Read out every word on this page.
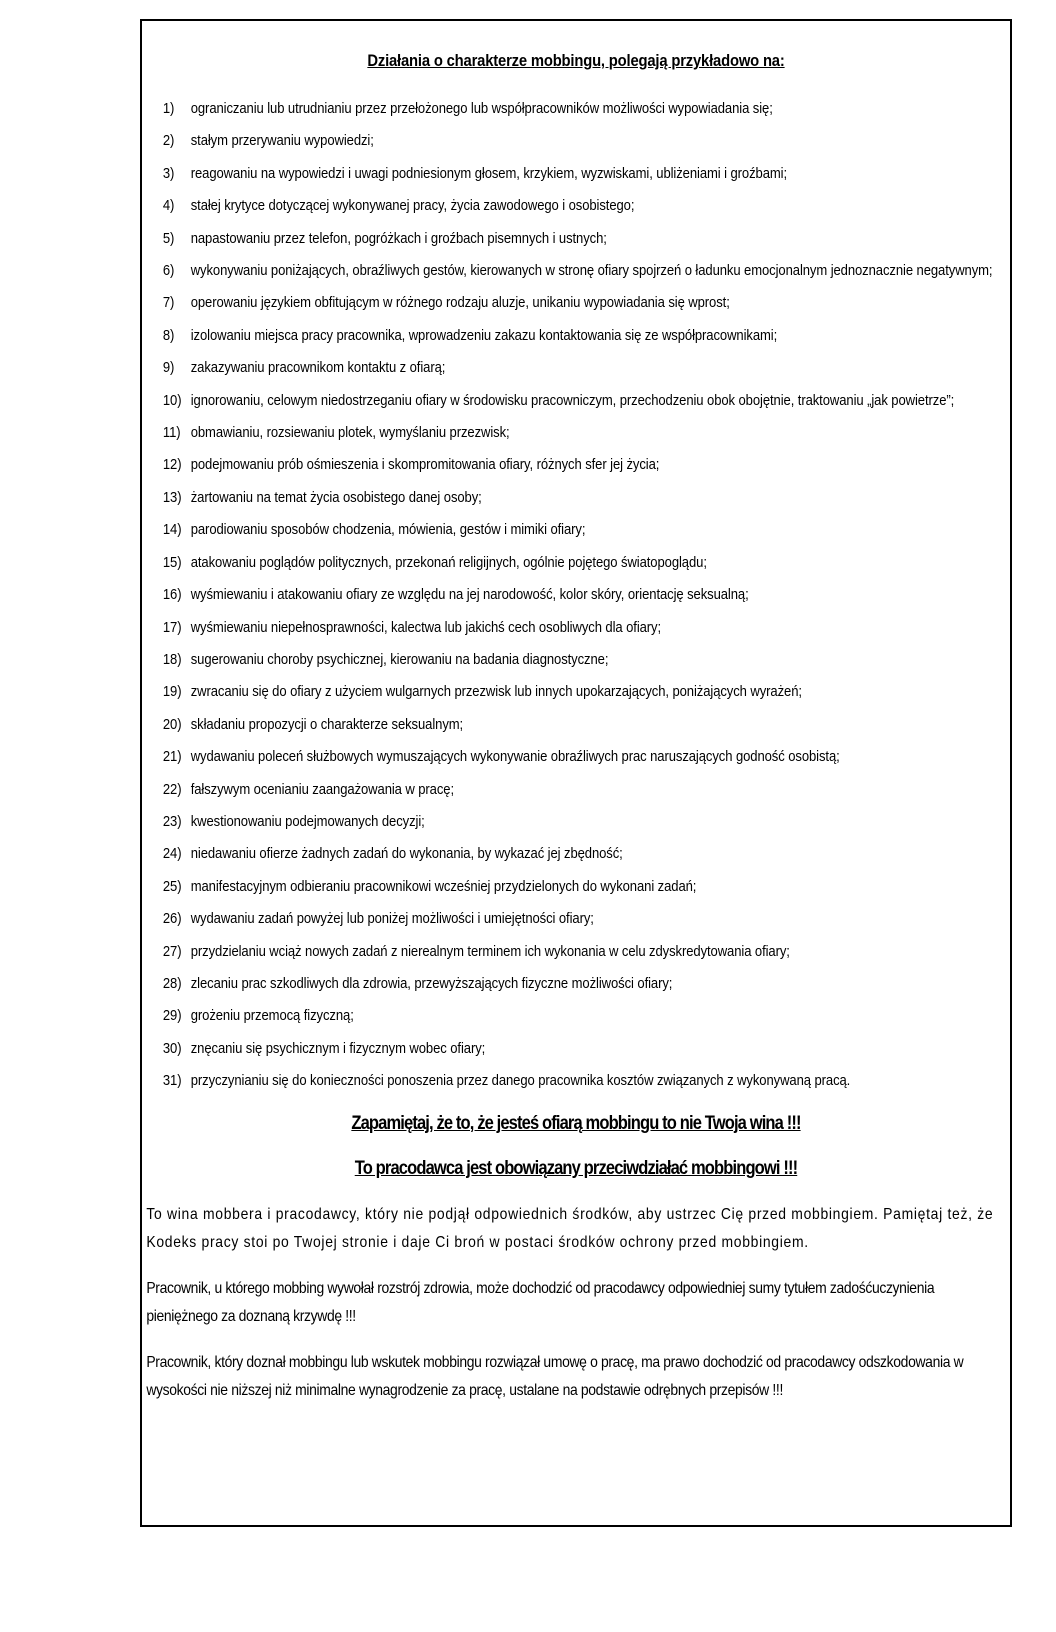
Działania o charakterze mobbingu, polegają przykładowo na:
1)	ograniczaniu lub utrudnianiu przez przełożonego lub współpracowników możliwości wypowiadania się;
2)	stałym przerywaniu wypowiedzi;
3)	reagowaniu na wypowiedzi i uwagi podniesionym głosem, krzykiem, wyzwiskami, ubliżeniami i groźbami;
4)	stałej krytyce dotyczącej wykonywanej pracy, życia zawodowego i osobistego;
5)	napastowaniu przez telefon, pogróżkach i groźbach pisemnych i ustnych;
6)	wykonywaniu poniżających, obraźliwych gestów, kierowanych w stronę ofiary spojrzeń o ładunku emocjonalnym jednoznacznie negatywnym;
7)	operowaniu językiem obfitującym w różnego rodzaju aluzje, unikaniu wypowiadania się wprost;
8)	izolowaniu miejsca pracy pracownika, wprowadzeniu zakazu kontaktowania się ze współpracownikami;
9)	zakazywaniu pracownikom kontaktu z ofiarą;
10) ignorowaniu, celowym niedostrzeganiu ofiary w środowisku pracowniczym, przechodzeniu obok obojętnie, traktowaniu „jak powietrze”;
11) obmawianiu, rozsiewaniu plotek, wymyślaniu przezwisk;
12) podejmowaniu prób ośmieszenia i skompromitowania ofiary, różnych sfer jej życia;
13) żartowaniu na temat życia osobistego danej osoby;
14) parodiowaniu sposobów chodzenia, mówienia, gestów i mimiki ofiary;
15) atakowaniu poglądów politycznych, przekonań religijnych, ogólnie pojętego światopoglądu;
16) wyśmiewaniu i atakowaniu ofiary ze względu na jej narodowość, kolor skóry, orientację seksualną;
17) wyśmiewaniu niepełnosprawności, kalectwa lub jakichś cech osobliwych dla ofiary;
18) sugerowaniu choroby psychicznej, kierowaniu na badania diagnostyczne;
19) zwracaniu się do ofiary z użyciem wulgarnych przezwisk lub innych upokarzających, poniżających wyrażeń;
20) składaniu propozycji o charakterze seksualnym;
21) wydawaniu poleceń służbowych wymuszających wykonywanie obraźliwych prac naruszających godność osobistą;
22) fałszywym ocenianiu zaangażowania w pracę;
23) kwestionowaniu podejmowanych decyzji;
24) niedawaniu ofierze żadnych zadań do wykonania, by wykazać jej zbędność;
25) manifestacyjnym odbieraniu pracownikowi wcześniej przydzielonych do wykonani zadań;
26) wydawaniu zadań powyżej lub poniżej możliwości i umiejętności ofiary;
27) przydzielaniu wciąż nowych zadań z nierealnym terminem ich wykonania w celu zdyskredytowania ofiary;
28) zlecaniu prac szkodliwych dla zdrowia, przewyższających fizyczne możliwości ofiary;
29) grożeniu przemocą fizyczną;
30) znęcaniu się psychicznym i fizycznym wobec ofiary;
31) przyczynianiu się do konieczności ponoszenia przez danego pracownika kosztów związanych z wykonywaną pracą.
Zapamiętaj, że to, że jesteś ofiarą mobbingu to nie Twoja wina !!!
To pracodawca jest obowiązany przeciwdziałać mobbingowi !!!

To wina mobbera i pracodawcy, który nie podjął odpowiednich środków, aby ustrzec Cię przed mobbingiem. Pamiętaj też, że Kodeks pracy stoi po Twojej stronie i daje Ci broń w postaci środków ochrony przed mobbingiem.

Pracownik, u którego mobbing wywołał rozstrój zdrowia, może dochodzić od pracodawcy odpowiedniej sumy tytułem zadośćuczynienia pieniężnego za doznaną krzywdę !!!

Pracownik, który doznał mobbingu lub wskutek mobbingu rozwiązał umowę o pracę, ma prawo dochodzić od pracodawcy odszkodowania w wysokości nie niższej niż minimalne wynagrodzenie za pracę, ustalane na podstawie odrębnych przepisów !!!
